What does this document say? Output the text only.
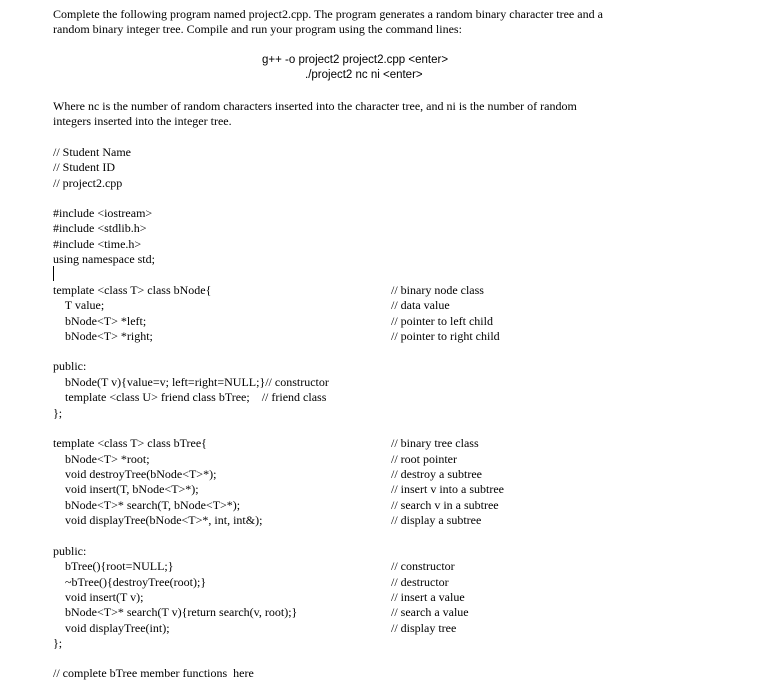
Complete the following program named project2.cpp. The program generates a random binary character tree and a
random binary integer tree. Compile and run your program using the command lines:
g++ -o project2 project2.cpp <enter>
./project2 nc ni <enter>
Where nc is the number of random characters inserted into the character tree, and ni is the number of random
integers inserted into the integer tree.
// Student Name
// Student ID
// project2.cpp
#include <iostream>
#include <stdlib.h>
#include <time.h>
using namespace std;
template <class T> class bNode{
T value;
bNode<T> *left;
bNode<T> *right;
// binary node class
// data value
// pointer to left child
// pointer to right child
public:
bNode(T v){value=v; left=right=NULL;}// constructor
template <class U> friend class bTree;    // friend class
};
template <class T> class bTree{
bNode<T> *root;
void destroyTree(bNode<T>*);
void insert(T, bNode<T>*);
bNode<T>* search(T, bNode<T>*);
void displayTree(bNode<T>*, int, int&);
// binary tree class
// root pointer
// destroy a subtree
// insert v into a subtree
// search v in a subtree
// display a subtree
public:
bTree(){root=NULL;}
~bTree(){destroyTree(root);}
void insert(T v);
bNode<T>* search(T v){return search(v, root);}
void displayTree(int);
// constructor
// destructor
// insert a value
// search a value
// display tree
};
// complete bTree member functions  here
